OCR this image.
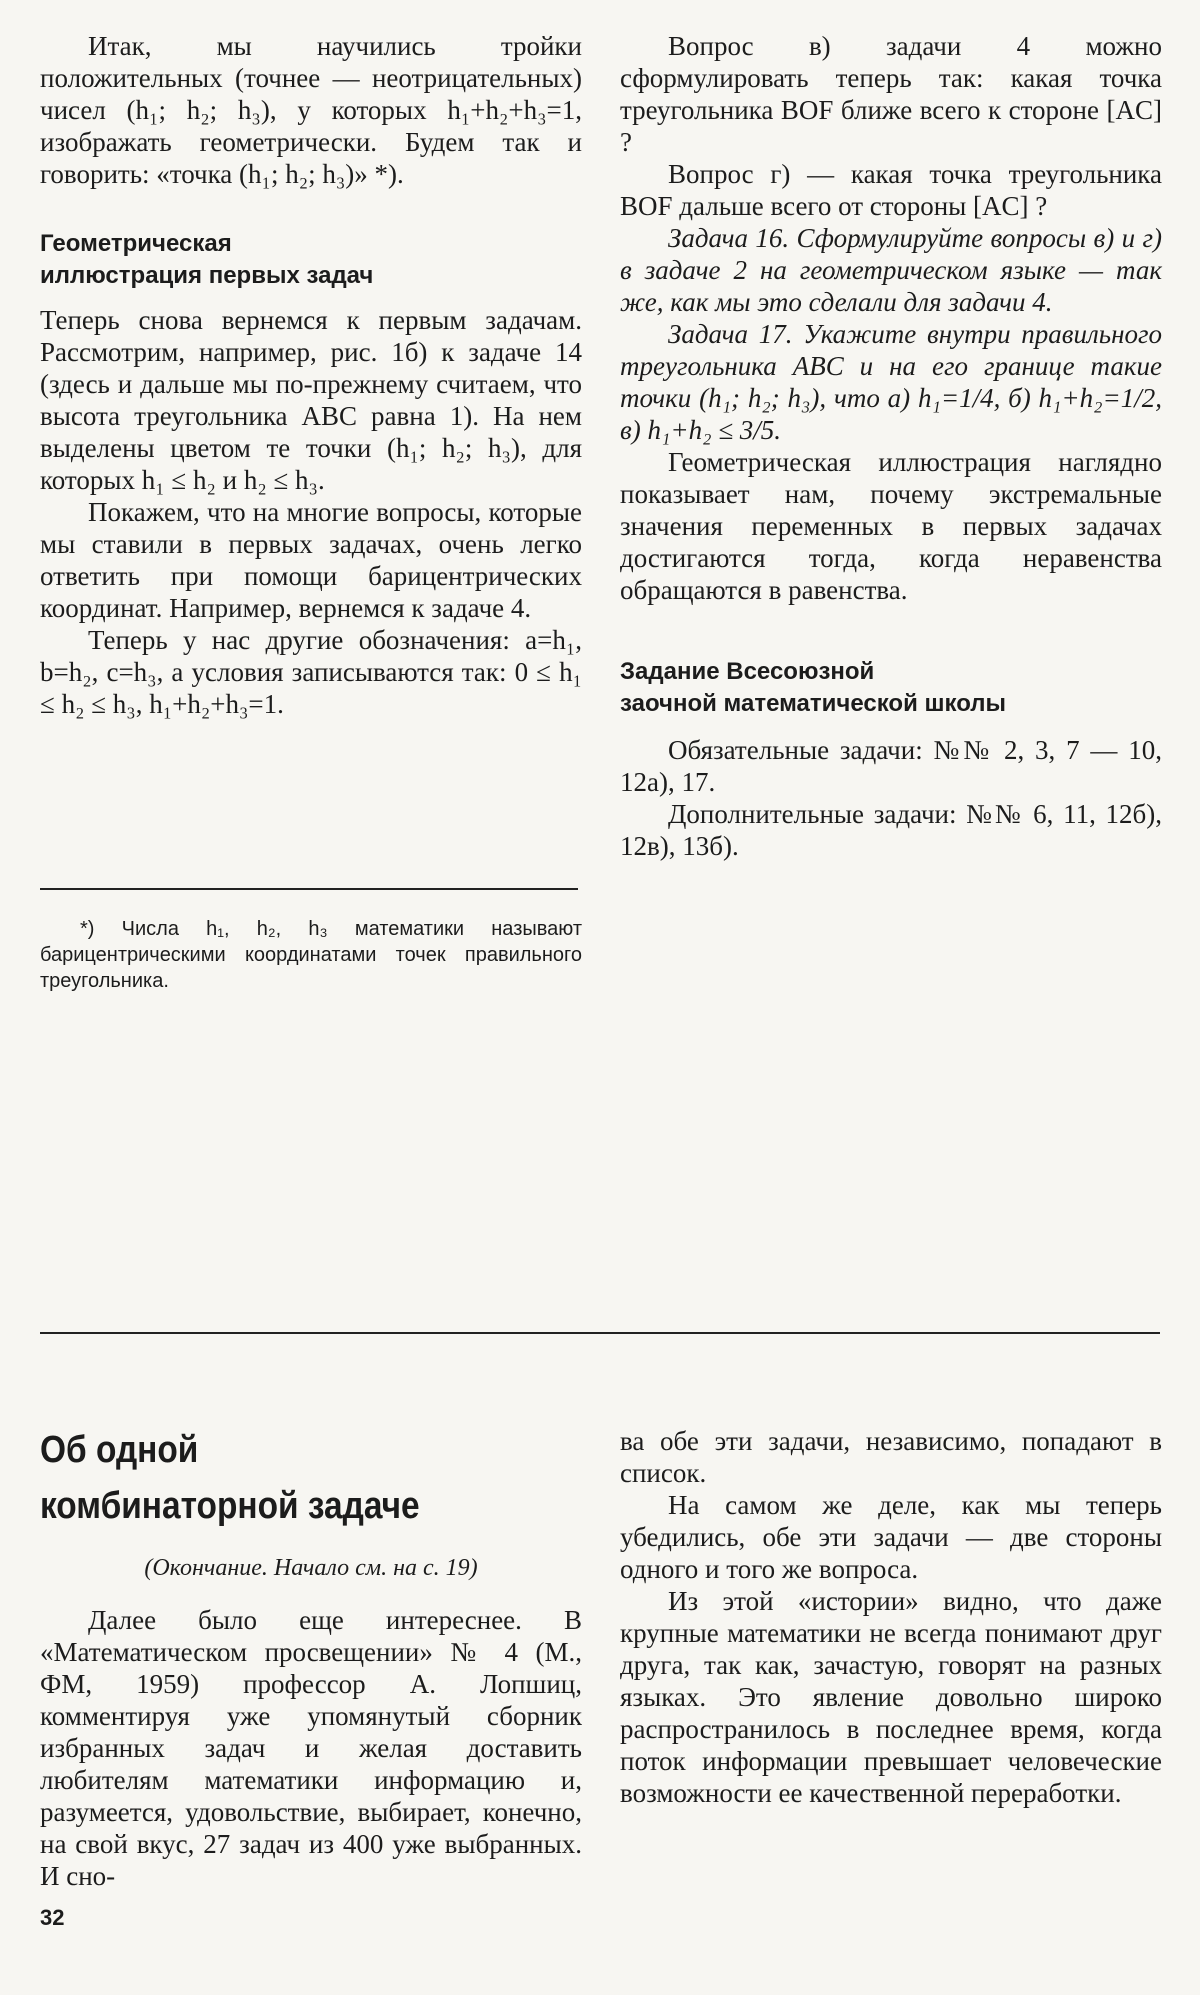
Итак, мы научились тройки положительных (точнее — неотрицательных) чисел (h₁; h₂; h₃), у которых h₁+h₂+h₃=1, изображать геометрически. Будем так и говорить: «точка (h₁; h₂; h₃)» *).

Геометрическая
иллюстрация первых задач

Теперь снова вернемся к первым задачам. Рассмотрим, например, рис. 1б) к задаче 14 (здесь и дальше мы по-прежнему считаем, что высота треугольника ABC равна 1). На нем выделены цветом те точки (h₁; h₂; h₃), для которых h₁ ≤ h₂ и h₂ ≤ h₃.

Покажем, что на многие вопросы, которые мы ставили в первых задачах, очень легко ответить при помощи барицентрических координат. Например, вернемся к задаче 4.

Теперь у нас другие обозначения: a=h₁, b=h₂, c=h₃, а условия записываются так: 0 ≤ h₁ ≤ h₂ ≤ h₃, h₁+h₂+h₃=1.

*) Числа h₁, h₂, h₃ математики называют барицентрическими координатами точек правильного треугольника.

Вопрос в) задачи 4 можно сформулировать теперь так: какая точка треугольника BOF ближе всего к стороне [AC] ?

Вопрос г) — какая точка треугольника BOF дальше всего от стороны [AC] ?

Задача 16. Сформулируйте вопросы в) и г) в задаче 2 на геометрическом языке — так же, как мы это сделали для задачи 4.

Задача 17. Укажите внутри правильного треугольника ABC и на его границе такие точки (h₁; h₂; h₃), что а) h₁=1/4, б) h₁+h₂=1/2, в) h₁+h₂ ≤ 3/5.

Геометрическая иллюстрация наглядно показывает нам, почему экстремальные значения переменных в первых задачах достигаются тогда, когда неравенства обращаются в равенства.

Задание Всесоюзной
заочной математической школы

Обязательные задачи: №№ 2, 3, 7 — 10, 12а), 17.

Дополнительные задачи: №№ 6, 11, 12б), 12в), 13б).

Об одной
комбинаторной задаче

(Окончание. Начало см. на с. 19)

Далее было еще интереснее. В «Математическом просвещении» № 4 (М., ФМ, 1959) профессор А. Лопшиц, комментируя уже упомянутый сборник избранных задач и желая доставить любителям математики информацию и, разумеется, удовольствие, выбирает, конечно, на свой вкус, 27 задач из 400 уже выбранных. И сно-

ва обе эти задачи, независимо, попадают в список.

На самом же деле, как мы теперь убедились, обе эти задачи — две стороны одного и того же вопроса.

Из этой «истории» видно, что даже крупные математики не всегда понимают друг друга, так как, зачастую, говорят на разных языках. Это явление довольно широко распространилось в последнее время, когда поток информации превышает человеческие возможности ее качественной переработки.

32
